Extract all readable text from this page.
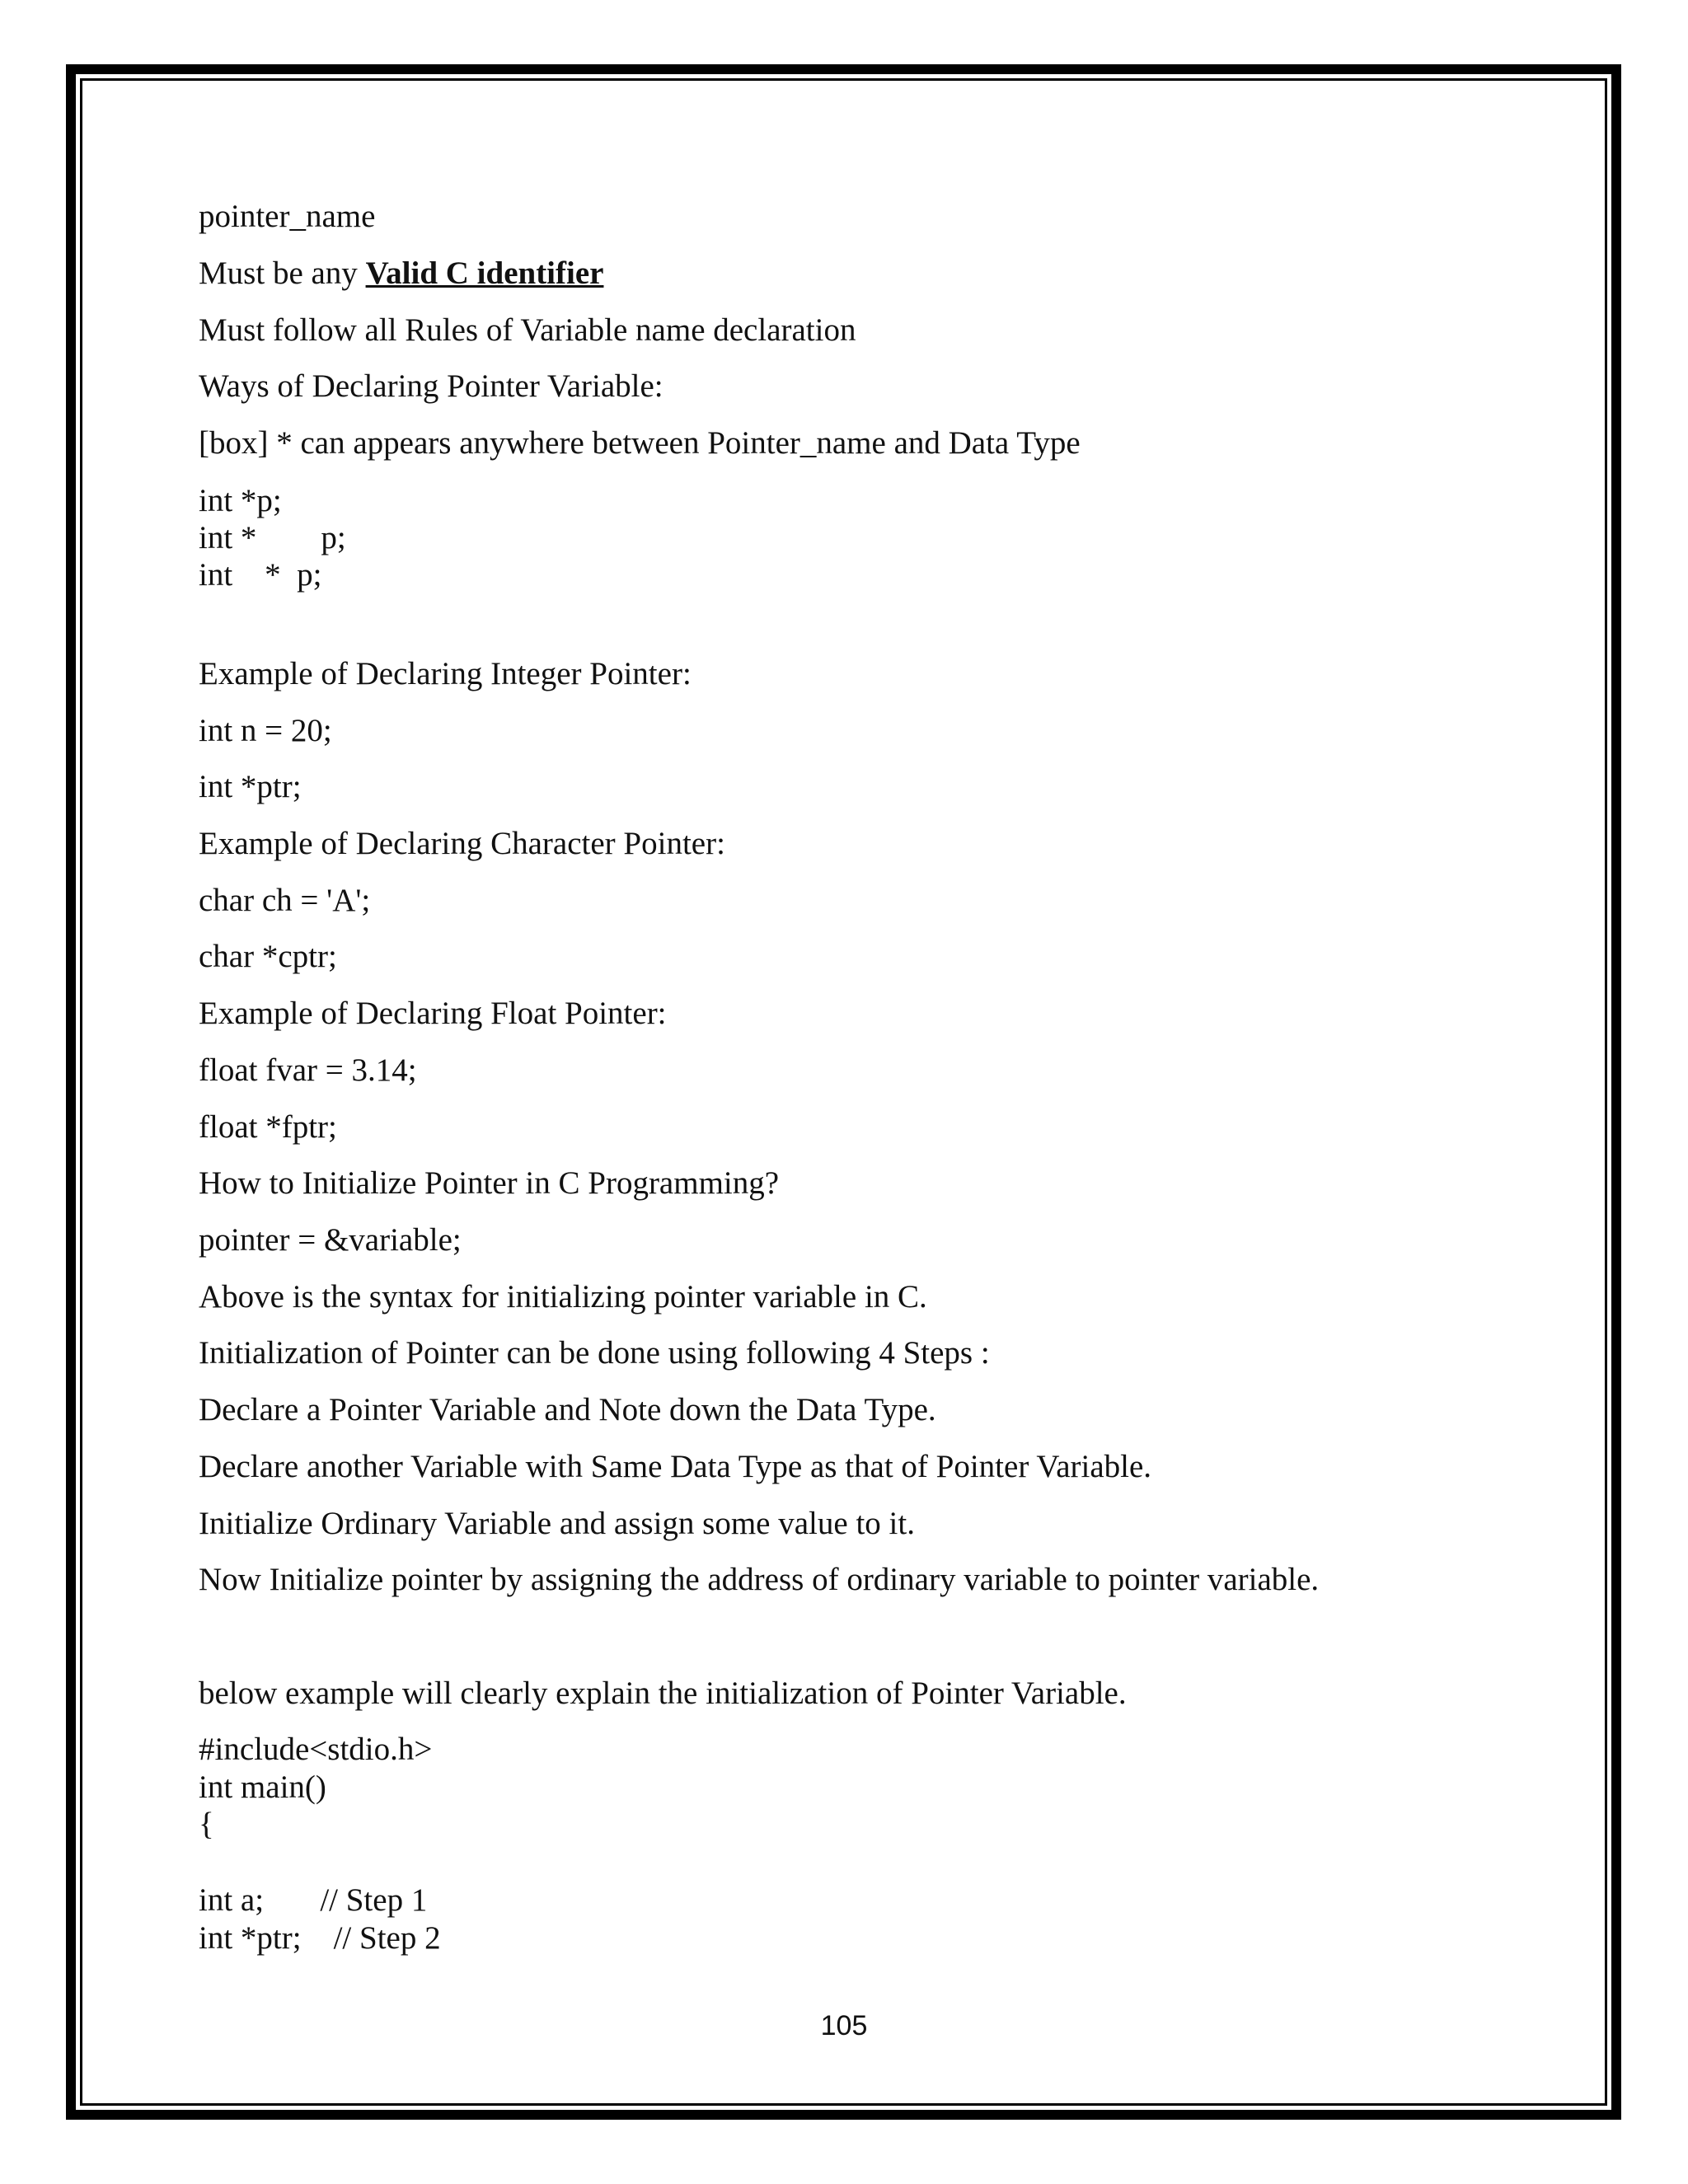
pointer_name
Must be any Valid C identifier
Must follow all Rules of Variable name declaration
Ways of Declaring Pointer Variable:
[box] * can appears anywhere between Pointer_name and Data Type
int *p;
int *        p;
int    *  p;
Example of Declaring Integer Pointer:
int n = 20;
int *ptr;
Example of Declaring Character Pointer:
char ch = 'A';
char *cptr;
Example of Declaring Float Pointer:
float fvar = 3.14;
float *fptr;
How to Initialize Pointer in C Programming?
pointer = &variable;
Above is the syntax for initializing pointer variable in C.
Initialization of Pointer can be done using following 4 Steps :
Declare a Pointer Variable and Note down the Data Type.
Declare another Variable with Same Data Type as that of Pointer Variable.
Initialize Ordinary Variable and assign some value to it.
Now Initialize pointer by assigning the address of ordinary variable to pointer variable.
below example will clearly explain the initialization of Pointer Variable.
#include<stdio.h>
int main()
{
int a;       // Step 1
int *ptr;    // Step 2
105
